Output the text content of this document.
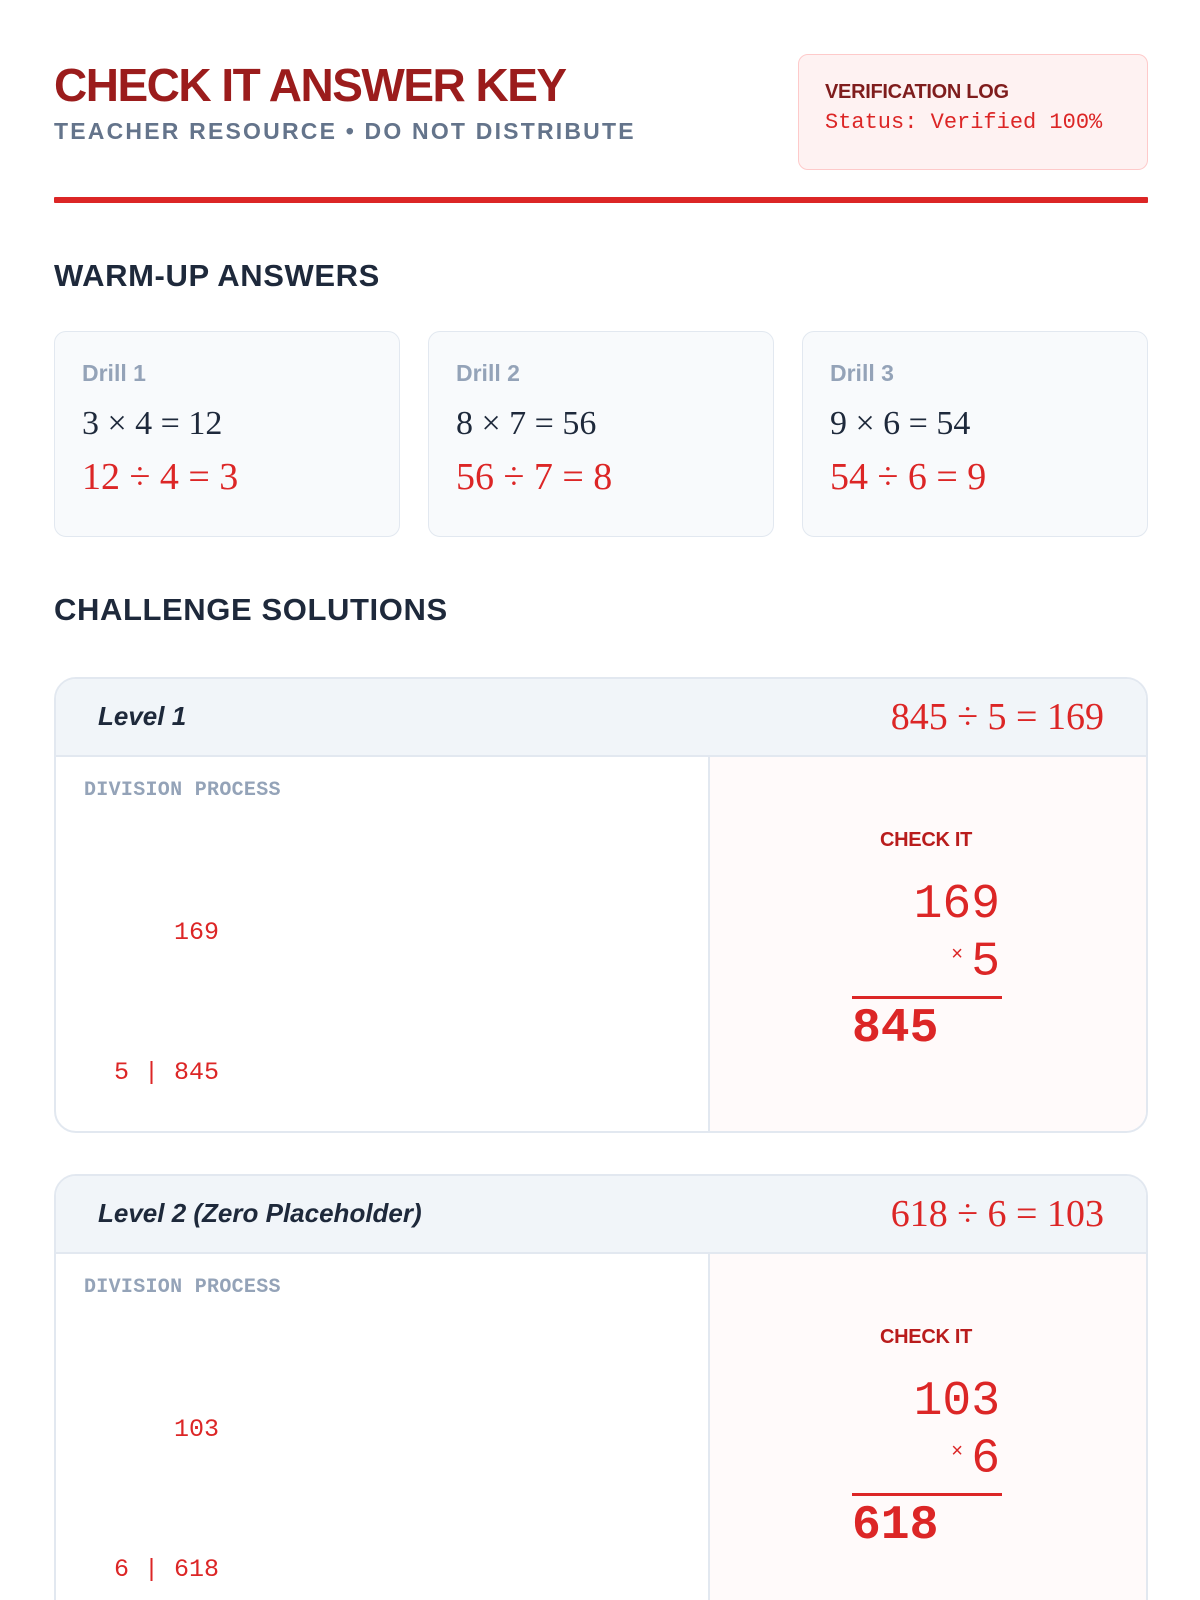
CHECK IT ANSWER KEY
TEACHER RESOURCE • DO NOT DISTRIBUTE
VERIFICATION LOG
Status: Verified 100%
WARM-UP ANSWERS
Drill 1
3 × 4 = 12
12 ÷ 4 = 3
Drill 2
8 × 7 = 56
56 ÷ 7 = 8
Drill 3
9 × 6 = 54
54 ÷ 6 = 9
CHALLENGE SOLUTIONS
Level 1	845 ÷ 5 = 169
DIVISION PROCESS

169

5 | 845

CHECK IT
169
× 5
845
Level 2 (Zero Placeholder)	618 ÷ 6 = 103
DIVISION PROCESS

103

6 | 618

CHECK IT
103
× 6
618
